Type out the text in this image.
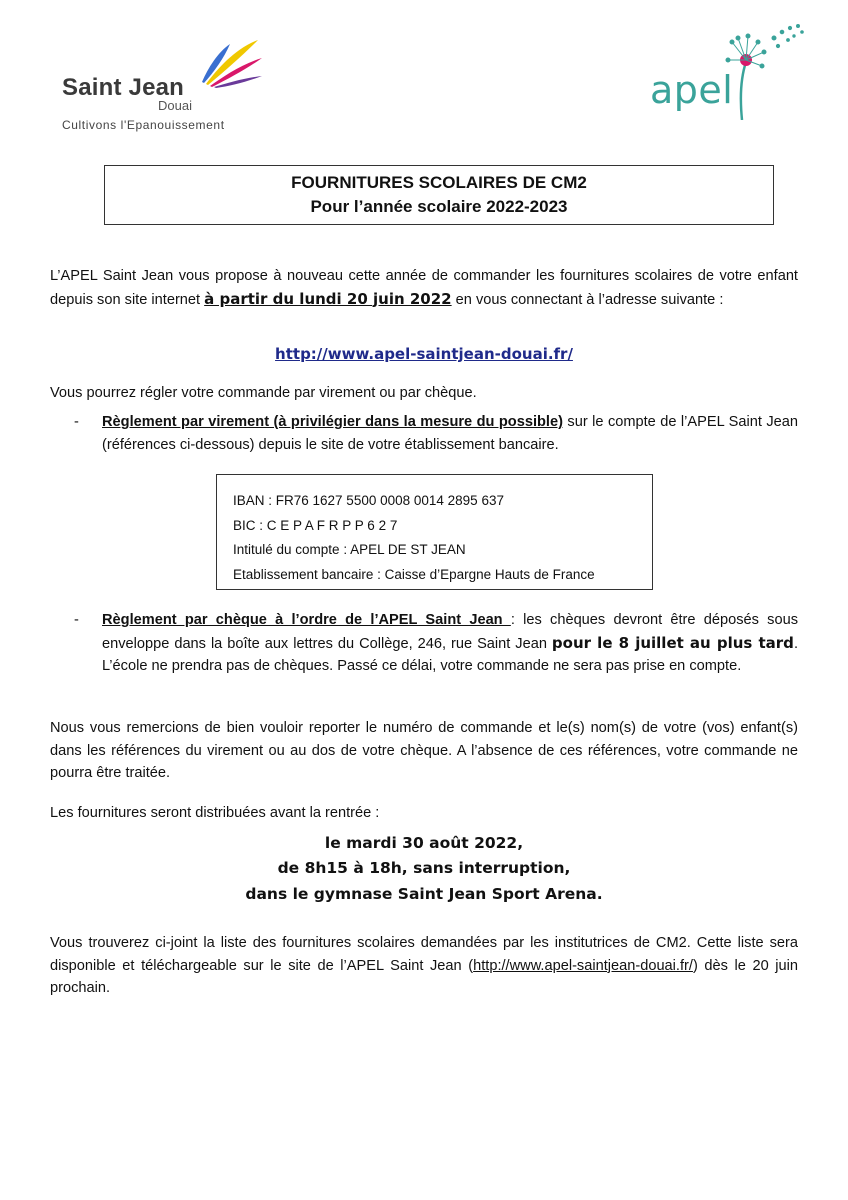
Saint Jean
Douai
Cultivons l'Epanouissement
apel
FOURNITURES SCOLAIRES DE CM2
Pour l’année scolaire 2022-2023
L’APEL Saint Jean vous propose à nouveau cette année de commander les fournitures scolaires de votre enfant depuis son site internet à partir du lundi 20 juin 2022 en vous connectant à l’adresse suivante :
http://www.apel-saintjean-douai.fr/
Vous pourrez régler votre commande par virement ou par chèque.
- Règlement par virement (à privilégier dans la mesure du possible) sur le compte de l’APEL Saint Jean (références ci-dessous) depuis le site de votre établissement bancaire.
IBAN : FR76 1627 5500 0008 0014 2895 637
BIC : C E P A F R P P 6 2 7
Intitulé du compte : APEL DE ST JEAN
Etablissement bancaire : Caisse d’Epargne Hauts de France
- Règlement par chèque à l’ordre de l’APEL Saint Jean : les chèques devront être déposés sous enveloppe dans la boîte aux lettres du Collège, 246, rue Saint Jean pour le 8 juillet au plus tard. L’école ne prendra pas de chèques. Passé ce délai, votre commande ne sera pas prise en compte.
Nous vous remercions de bien vouloir reporter le numéro de commande et le(s) nom(s) de votre (vos) enfant(s) dans les références du virement ou au dos de votre chèque. A l’absence de ces références, votre commande ne pourra être traitée.
Les fournitures seront distribuées avant la rentrée :
le mardi 30 août 2022,
de 8h15 à 18h, sans interruption,
dans le gymnase Saint Jean Sport Arena.
Vous trouverez ci-joint la liste des fournitures scolaires demandées par les institutrices de CM2. Cette liste sera disponible et téléchargeable sur le site de l’APEL Saint Jean (http://www.apel-saintjean-douai.fr/) dès le 20 juin prochain.
